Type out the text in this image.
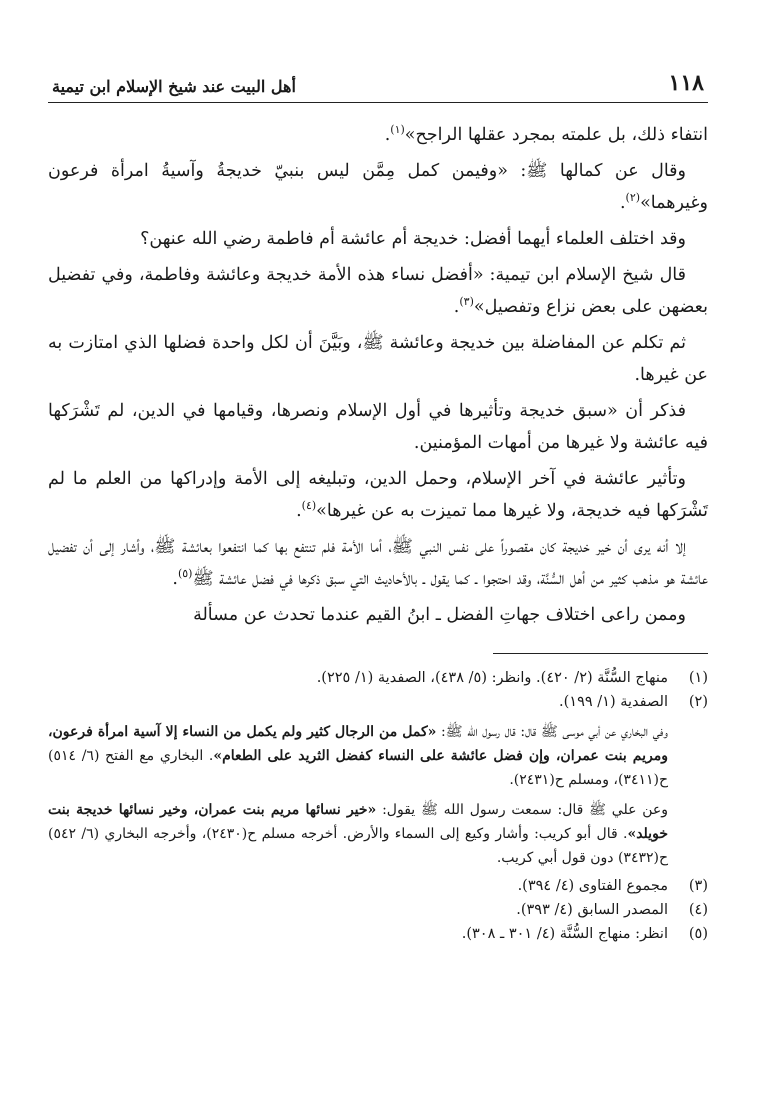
١١٨
أهل البيت عند شيخ الإسلام ابن تيمية

انتفاء ذلك، بل علمته بمجرد عقلها الراجح»$^{(١)}$.

وقال عن كمالها ﷺ: «وفيمن كمل مِمَّن ليس بنبيّ خديجةُ وآسيةُ امرأة فرعون وغيرهما»$^{(٢)}$.

وقد اختلف العلماء أيهما أفضل: خديجة أم عائشة أم فاطمة رضي الله عنهن؟

قال شيخ الإسلام ابن تيمية: «أفضل نساء هذه الأمة خديجة وعائشة وفاطمة، وفي تفضيل بعضهن على بعض نزاع وتفصيل»$^{(٣)}$.

ثم تكلم عن المفاضلة بين خديجة وعائشة ﷺ، وبَيَّنَ أن لكل واحدة فضلها الذي امتازت به عن غيرها.

فذكر أن «سبق خديجة وتأثيرها في أول الإسلام ونصرها، وقيامها في الدين، لم تَشْرَكها فيه عائشة ولا غيرها من أمهات المؤمنين.

وتأثير عائشة في آخر الإسلام، وحمل الدين، وتبليغه إلى الأمة وإدراكها من العلم ما لم تَشْرَكها فيه خديجة، ولا غيرها مما تميزت به عن غيرها»$^{(٤)}$.

إلا أنه يرى أن خير خديجة كان مقصوراً على نفس النبي ﷺ، أما الأمة فلم تنتفع بها كما انتفعوا بعائشة ﷺ، وأشار إلى أن تفضيل عائشة هو مذهب كثير من أهل السُّنَّة، وقد احتجوا ـ كما يقول ـ بالأحاديث التي سبق ذكرها في فضل عائشة ﷺ$^{(٥)}$.

وممن راعى اختلاف جهاتِ الفضل ـ ابنُ القيم عندما تحدث عن مسألة

(١)منهاج السُّنَّة (٢/ ٤٢٠). وانظر: (٥/ ٤٣٨)، الصفدية (١/ ٢٢٥).

(٢)الصفدية (١/ ١٩٩).

وفي البخاري عن أبي موسى ﷺ قال: قال رسول الله ﷺ: «كمل من الرجال كثير ولم يكمل من النساء إلا آسية امرأة فرعون، ومريم بنت عمران، وإن فضل عائشة على النساء كفضل الثريد على الطعام». البخاري مع الفتح (٦/ ٥١٤) ح(٣٤١١)، ومسلم ح(٢٤٣١).

وعن علي ﷺ قال: سمعت رسول الله ﷺ يقول: «خير نسائها مريم بنت عمران، وخير نسائها خديجة بنت خويلد». قال أبو كريب: وأشار وكيع إلى السماء والأرض. أخرجه مسلم ح(٢٤٣٠)، وأخرجه البخاري (٦/ ٥٤٢) ح(٣٤٣٢) دون قول أبي كريب.

(٣)مجموع الفتاوى (٤/ ٣٩٤).

(٤)المصدر السابق (٤/ ٣٩٣).

(٥)انظر: منهاج السُّنَّة (٤/ ٣٠١ ـ ٣٠٨).
